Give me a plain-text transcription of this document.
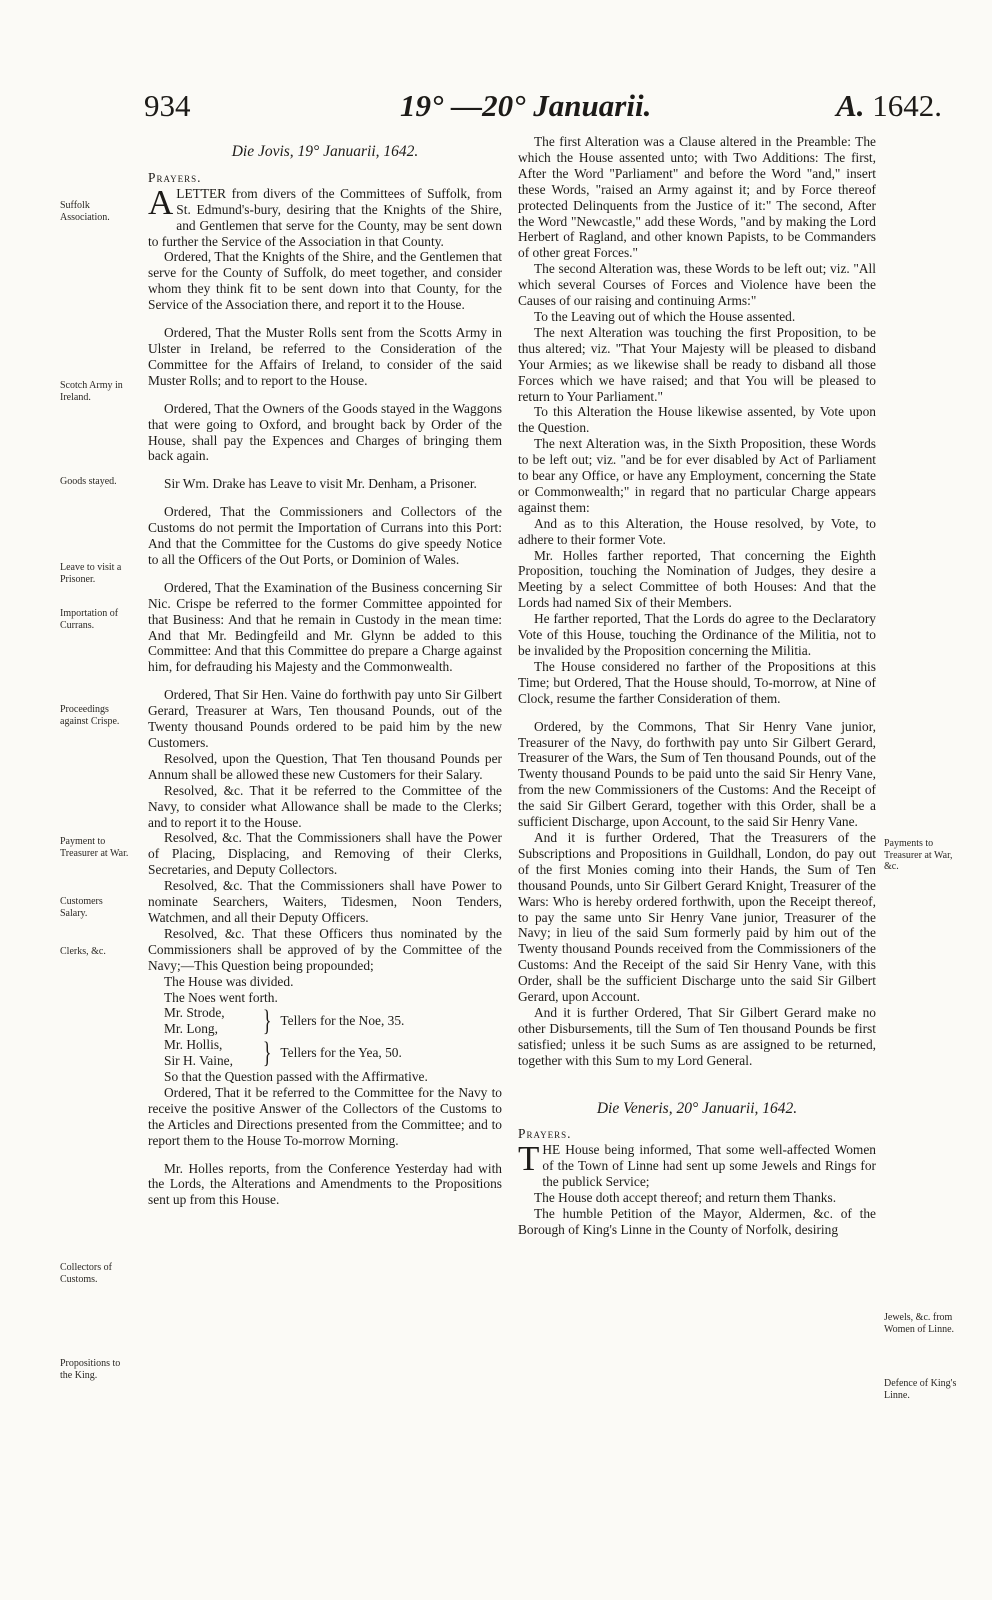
934	19° —20° Januarii.	A. 1642.
Die Jovis, 19° Januarii, 1642.

Prayers.

ALETTER from divers of the Committees of Suffolk, from St. Edmund's-bury, desiring that the Knights of the Shire, and Gentlemen that serve for the County, may be sent down to further the Service of the Association in that County.

Ordered, That the Knights of the Shire, and the Gentlemen that serve for the County of Suffolk, do meet together, and consider whom they think fit to be sent down into that County, for the Service of the Association there, and report it to the House.

Ordered, That the Muster Rolls sent from the Scotts Army in Ulster in Ireland, be referred to the Consideration of the Committee for the Affairs of Ireland, to consider of the said Muster Rolls; and to report to the House.

Ordered, That the Owners of the Goods stayed in the Waggons that were going to Oxford, and brought back by Order of the House, shall pay the Expences and Charges of bringing them back again.

Sir Wm. Drake has Leave to visit Mr. Denham, a Prisoner.

Ordered, That the Commissioners and Collectors of the Customs do not permit the Importation of Currans into this Port: And that the Committee for the Customs do give speedy Notice to all the Officers of the Out Ports, or Dominion of Wales.

Ordered, That the Examination of the Business concerning Sir Nic. Crispe be referred to the former Committee appointed for that Business: And that he remain in Custody in the mean time: And that Mr. Bedingfeild and Mr. Glynn be added to this Committee: And that this Committee do prepare a Charge against him, for defrauding his Majesty and the Commonwealth.

Ordered, That Sir Hen. Vaine do forthwith pay unto Sir Gilbert Gerard, Treasurer at Wars, Ten thousand Pounds, out of the Twenty thousand Pounds ordered to be paid him by the new Customers.

Resolved, upon the Question, That Ten thousand Pounds per Annum shall be allowed these new Customers for their Salary.

Resolved, &c. That it be referred to the Committee of the Navy, to consider what Allowance shall be made to the Clerks; and to report it to the House.

Resolved, &c. That the Commissioners shall have the Power of Placing, Displacing, and Removing of their Clerks, Secretaries, and Deputy Collectors.

Resolved, &c. That the Commissioners shall have Power to nominate Searchers, Waiters, Tidesmen, Noon Tenders, Watchmen, and all their Deputy Officers.

Resolved, &c. That these Officers thus nominated by the Commissioners shall be approved of by the Committee of the Navy;—This Question being propounded;

The House was divided.

The Noes went forth.

Mr. Strode,
Mr. Long,	} Tellers for the Noe, 35.
Mr. Hollis,
Sir H. Vaine, } Tellers for the Yea, 50.

So that the Question passed with the Affirmative.

Ordered, That it be referred to the Committee for the Navy to receive the positive Answer of the Collectors of the Customs to the Articles and Directions presented from the Committee; and to report them to the House To-morrow Morning.

Mr. Holles reports, from the Conference Yesterday had with the Lords, the Alterations and Amendments to the Propositions sent up from this House.

The first Alteration was a Clause altered in the Preamble: The which the House assented unto; with Two Additions: The first, After the Word "Parliament" and before the Word "and," insert these Words, "raised an Army against it; and by Force thereof protected Delinquents from the Justice of it:" The second, After the Word "Newcastle," add these Words, "and by making the Lord Herbert of Ragland, and other known Papists, to be Commanders of other great Forces."

The second Alteration was, these Words to be left out; viz. "All which several Courses of Forces and Violence have been the Causes of our raising and continuing Arms:"

To the Leaving out of which the House assented.

The next Alteration was touching the first Proposition, to be thus altered; viz. "That Your Majesty will be pleased to disband Your Armies; as we likewise shall be ready to disband all those Forces which we have raised; and that You will be pleased to return to Your Parliament."

To this Alteration the House likewise assented, by Vote upon the Question.

The next Alteration was, in the Sixth Proposition, these Words to be left out; viz. "and be for ever disabled by Act of Parliament to bear any Office, or have any Employment, concerning the State or Commonwealth;" in regard that no particular Charge appears against them:

And as to this Alteration, the House resolved, by Vote, to adhere to their former Vote.

Mr. Holles farther reported, That concerning the Eighth Proposition, touching the Nomination of Judges, they desire a Meeting by a select Committee of both Houses: And that the Lords had named Six of their Members.

He farther reported, That the Lords do agree to the Declaratory Vote of this House, touching the Ordinance of the Militia, not to be invalided by the Proposition concerning the Militia.

The House considered no farther of the Propositions at this Time; but Ordered, That the House should, To-morrow, at Nine of Clock, resume the farther Consideration of them.

Ordered, by the Commons, That Sir Henry Vane junior, Treasurer of the Navy, do forthwith pay unto Sir Gilbert Gerard, Treasurer of the Wars, the Sum of Ten thousand Pounds, out of the Twenty thousand Pounds to be paid unto the said Sir Henry Vane, from the new Commissioners of the Customs: And the Receipt of the said Sir Gilbert Gerard, together with this Order, shall be a sufficient Discharge, upon Account, to the said Sir Henry Vane.

And it is further Ordered, That the Treasurers of the Subscriptions and Propositions in Guildhall, London, do pay out of the first Monies coming into their Hands, the Sum of Ten thousand Pounds, unto Sir Gilbert Gerard Knight, Treasurer of the Wars: Who is hereby ordered forthwith, upon the Receipt thereof, to pay the same unto Sir Henry Vane junior, Treasurer of the Navy; in lieu of the said Sum formerly paid by him out of the Twenty thousand Pounds received from the Commissioners of the Customs: And the Receipt of the said Sir Henry Vane, with this Order, shall be the sufficient Discharge unto the said Sir Gilbert Gerard, upon Account.

And it is further Ordered, That Sir Gilbert Gerard make no other Disbursements, till the Sum of Ten thousand Pounds be first satisfied; unless it be such Sums as are assigned to be returned, together with this Sum to my Lord General.

Die Veneris, 20° Januarii, 1642.

Prayers.

THE House being informed, That some well-affected Women of the Town of Linne had sent up some Jewels and Rings for the publick Service;

The House doth accept thereof; and return them Thanks.

The humble Petition of the Mayor, Aldermen, &c. of the Borough of King's Linne in the County of Norfolk, desiring

Suffolk Association.
Scotch Army in Ireland.
Goods stayed.
Leave to visit a Prisoner.
Importation of Currans.
Proceedings against Crispe.
Payment to Treasurer at War.
Customers Salary.
Clerks, &c.
Collectors of Customs.
Propositions to the King.
Payments to Treasurer at War, &c.
Jewels, &c. from Women of Linne.
Defence of King's Linne.
